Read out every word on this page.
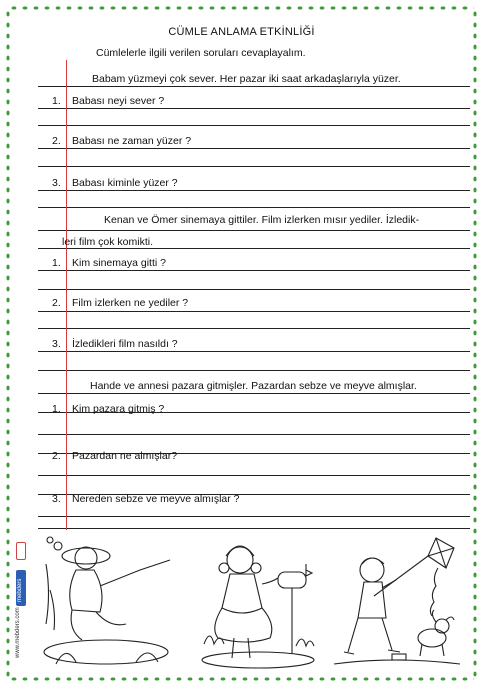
CÜMLE ANLAMA ETKİNLİĞİ
Cümlelerle ilgili verilen soruları cevaplayalım.
Babam yüzmeyi çok sever. Her pazar iki saat arkadaşlarıyla yüzer.
1. Babası neyi sever ?
2. Babası ne zaman yüzer ?
3. Babası kiminle yüzer ?
Kenan ve Ömer sinemaya gittiler. Film izlerken mısır yediler. İzledik-
leri film çok komikti.
1. Kim sinemaya gitti ?
2. Film izlerken ne yediler ?
3. İzledikleri film nasıldı ?
Hande ve annesi pazara gitmişler. Pazardan sebze ve meyve almışlar.
1. Kim pazara gitmiş ?
2. Pazardan ne almışlar?
3. Nereden sebze ve meyve almışlar ?
mebders
www.mebders.com
